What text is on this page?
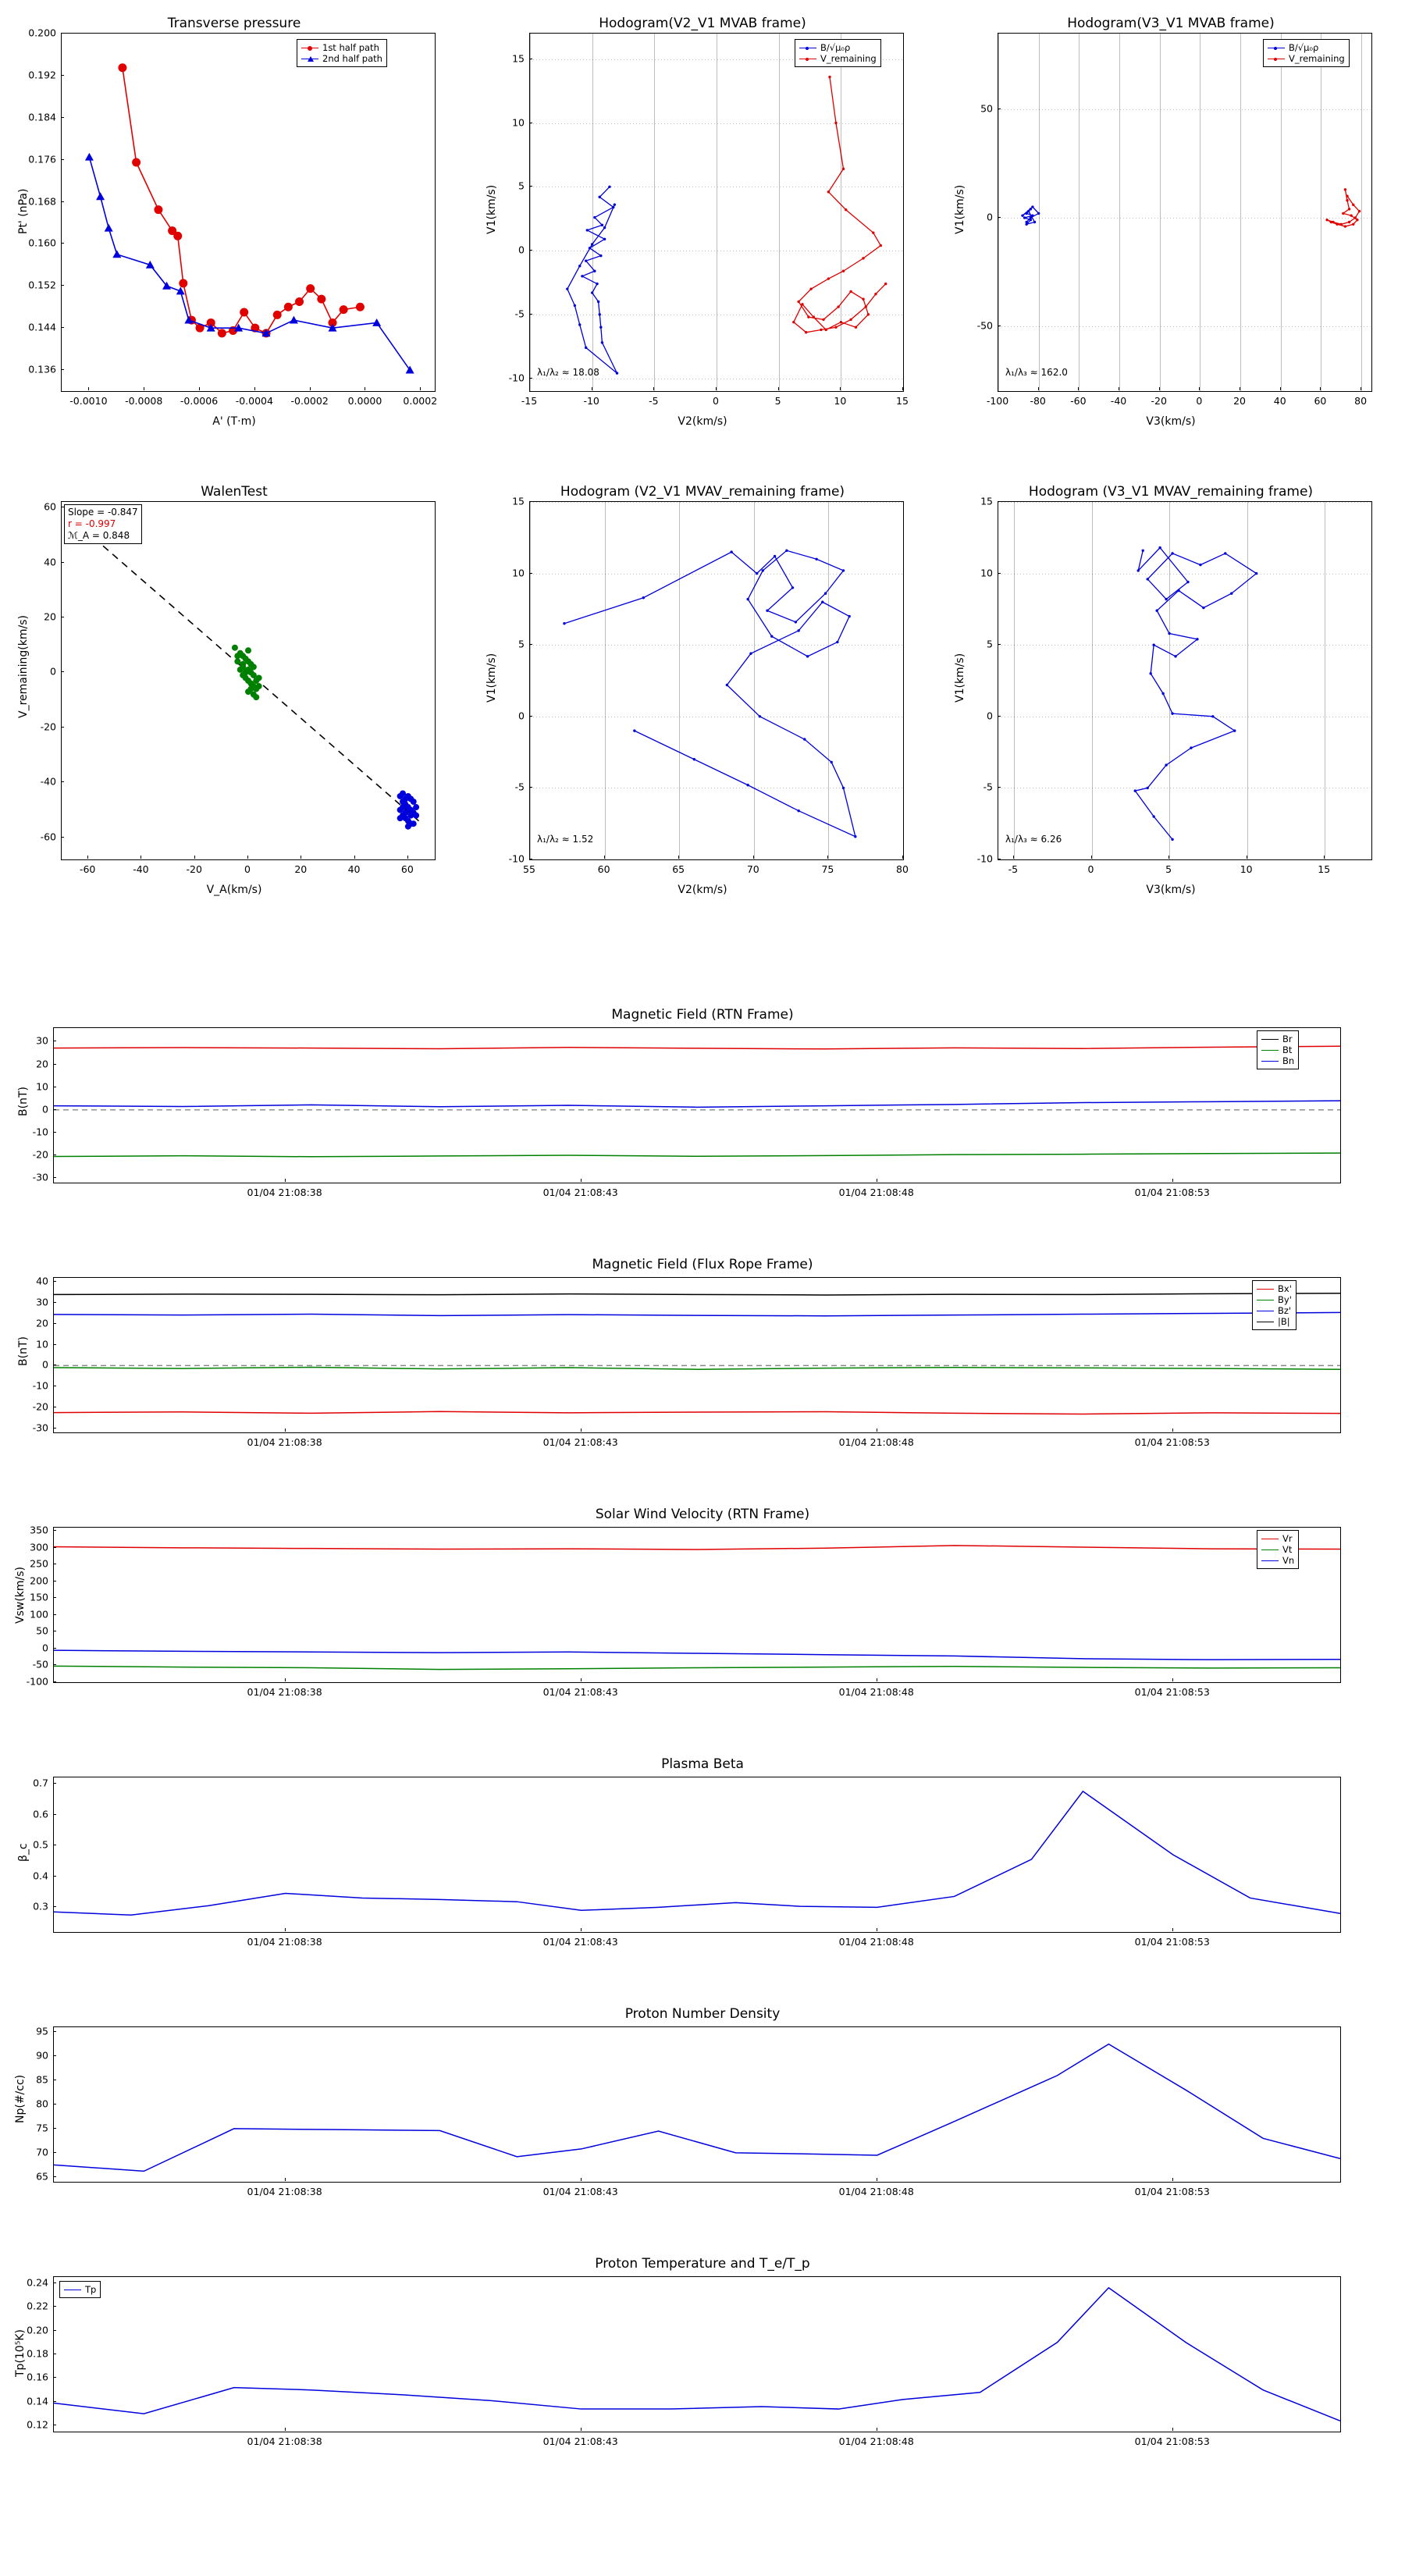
Transverse pressure
Pt' (nPa)
A' (T·m)
1st half path
2nd half path
-0.0010 -0.0008 -0.0006 -0.0004 -0.0002 0.0000 0.0002
0.136
0.144
0.152
0.160
0.168
0.176
0.184
0.192
0.200
Hodogram(V2_V1 MVAB frame)
V1(km/s)
V2(km/s)
B/√μ₀ρ
V_remaining
λ₁/λ₂ ≈ 18.08
-15	-10	-5	0	5	10	15
-10
-5
0
5
10
15
Hodogram(V3_V1 MVAB frame)
V1(km/s)
V3(km/s)
B/√μ₀ρ
V_remaining
λ₁/λ₃ ≈ 162.0
-100 -80	-60	-40	-20	0	20	40	60	80
-50
0
50
WalenTest
V_remaining(km/s)
V_A(km/s)
Slope = -0.847
r = -0.997
ℳ_A = 0.848
-60	-40	-20	0	20	40	60
-60
-40
-20
0
20
40
60
Hodogram (V2_V1 MVAV_remaining frame)
V1(km/s)
V2(km/s)
λ₁/λ₂ ≈ 1.52
55	60	65	70	75	80
-10
-5
0
5
10
15
Hodogram (V3_V1 MVAV_remaining frame)
V1(km/s)
V3(km/s)
λ₁/λ₃ ≈ 6.26
-5	0	5	10	15
-10
-5
0
5
10
15
Magnetic Field (RTN Frame)
B(nT)
Br
Bt
Bn
01/04 21:08:38	01/04 21:08:43	01/04 21:08:48	01/04 21:08:53
-30
-20
-10
0
10
20
30
Magnetic Field (Flux Rope Frame)
B(nT)
Bx'
By'
Bz'
|B|
01/04 21:08:38	01/04 21:08:43	01/04 21:08:48	01/04 21:08:53
-30
-20
-10
0
10
20
30
40
Solar Wind Velocity (RTN Frame)
Vsw(km/s)
Vr
Vt
Vn
01/04 21:08:38	01/04 21:08:43	01/04 21:08:48	01/04 21:08:53
-100
-50
0
50
100
150
200
250
300
350
Plasma Beta
β_c
01/04 21:08:38	01/04 21:08:43	01/04 21:08:48	01/04 21:08:53
0.3
0.4
0.5
0.6
0.7
Proton Number Density
Np(#/cc)
01/04 21:08:38	01/04 21:08:43	01/04 21:08:48	01/04 21:08:53
65
70
75
80
85
90
95
Proton Temperature and T_e/T_p
Tp(10⁵K)
Tp
01/04 21:08:38	01/04 21:08:43	01/04 21:08:48	01/04 21:08:53
0.12
0.14
0.16
0.18
0.20
0.22
0.24
